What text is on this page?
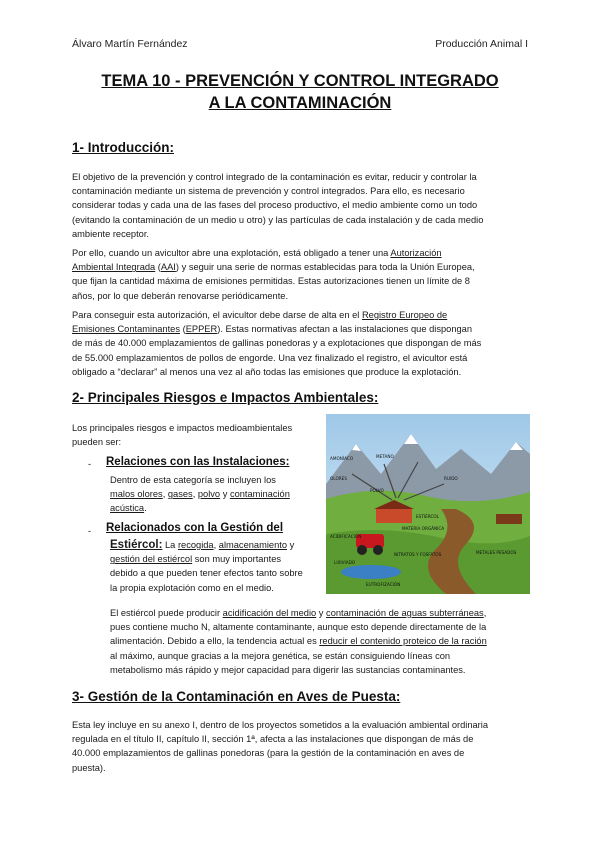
Álvaro Martín Fernández	Producción Animal I
TEMA 10 - PREVENCIÓN Y CONTROL INTEGRADO
A LA CONTAMINACIÓN
1- Introducción:
El objetivo de la prevención y control integrado de la contaminación es evitar, reducir y controlar la
contaminación mediante un sistema de prevención y control integrados. Para ello, es necesario
considerar todas y cada una de las fases del proceso productivo, el medio ambiente como un todo
(evitando la contaminación de un medio u otro) y las partículas de cada instalación y de cada medio
ambiente receptor.
Por ello, cuando un avicultor abre una explotación, está obligado a tener una Autorización
Ambiental Integrada (AAI) y seguir una serie de normas establecidas para toda la Unión Europea,
que fijan la cantidad máxima de emisiones permitidas. Estas autorizaciones tienen un límite de 8
años, por lo que deberán renovarse periódicamente.
Para conseguir esta autorización, el avicultor debe darse de alta en el Registro Europeo de
Emisiones Contaminantes (EPPER). Estas normativas afectan a las instalaciones que dispongan
de más de 40.000 emplazamientos de gallinas ponedoras y a explotaciones que dispongan de más
de 55.000 emplazamientos de pollos de engorde. Una vez finalizado el registro, el avicultor está
obligado a “declarar” al menos una vez al año todas las emisiones que produce la explotación.
2- Principales Riesgos e Impactos Ambientales:
Los principales riesgos e impactos medioambientales
pueden ser:
- Relaciones con las Instalaciones:
Dentro de esta categoría se incluyen los
malos olores, gases, polvo y contaminación
acústica.
- Relacionados con la Gestión del
Estiércol: La recogida, almacenamiento y
gestión del estiércol son muy importantes
debido a que pueden tener efectos tanto sobre
la propia explotación como en el medio.
El estiércol puede producir acidificación del medio y contaminación de aguas subterráneas,
pues contiene mucho N, altamente contaminante, aunque esto depende directamente de la
alimentación. Debido a ello, la tendencia actual es reducir el contenido proteico de la ración
al máximo, aunque gracias a la mejora genética, se están consiguiendo líneas con
metabolismo más rápido y mejor capacidad para digerir las sustancias contaminantes.
AMONÍACO	METANO
OLORES
POLVO
RUIDO
ESTIÉRCOL
MATERIA ORGÁNICA
ACIDIFICACIÓN
NITRATOS Y FOSFATOS
LIXIVIADO
EUTROFIZACIÓN
METALES PESADOS
3- Gestión de la Contaminación en Aves de Puesta:
Esta ley incluye en su anexo I, dentro de los proyectos sometidos a la evaluación ambiental ordinaria
regulada en el título II, capítulo II, sección 1ª, afecta a las instalaciones que dispongan de más de
40.000 emplazamientos de gallinas ponedoras (para la gestión de la contaminación en aves de
puesta).
